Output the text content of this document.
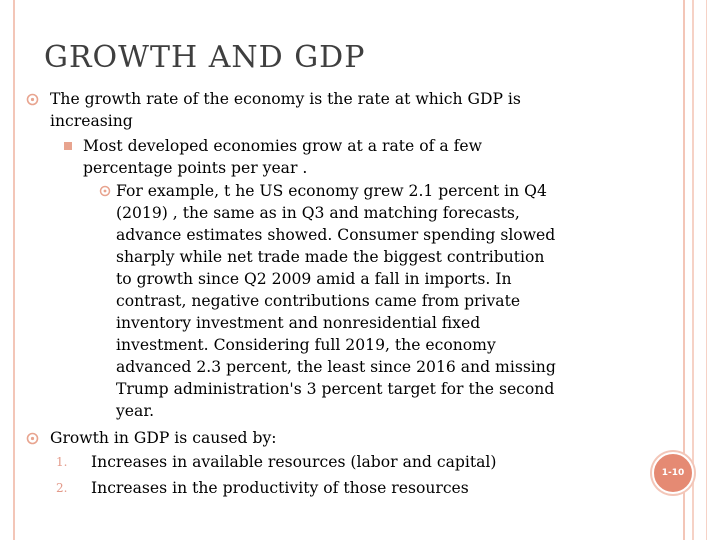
GROWTH AND GDP
The growth rate of the economy is the rate at which GDP is
increasing
Most developed economies grow at a rate of a few
percentage points per year .
For example, t he US economy grew 2.1 percent in Q4
(2019) , the same as in Q3 and matching forecasts,
advance estimates showed. Consumer spending slowed
sharply while net trade made the biggest contribution
to growth since Q2 2009 amid a fall in imports. In
contrast, negative contributions came from private
inventory investment and nonresidential fixed
investment. Considering full 2019, the economy
advanced 2.3 percent, the least since 2016 and missing
Trump administration's 3 percent target for the second
year.
Growth in GDP is caused by:
1. Increases in available resources (labor and capital)
2. Increases in the productivity of those resources
1-10
